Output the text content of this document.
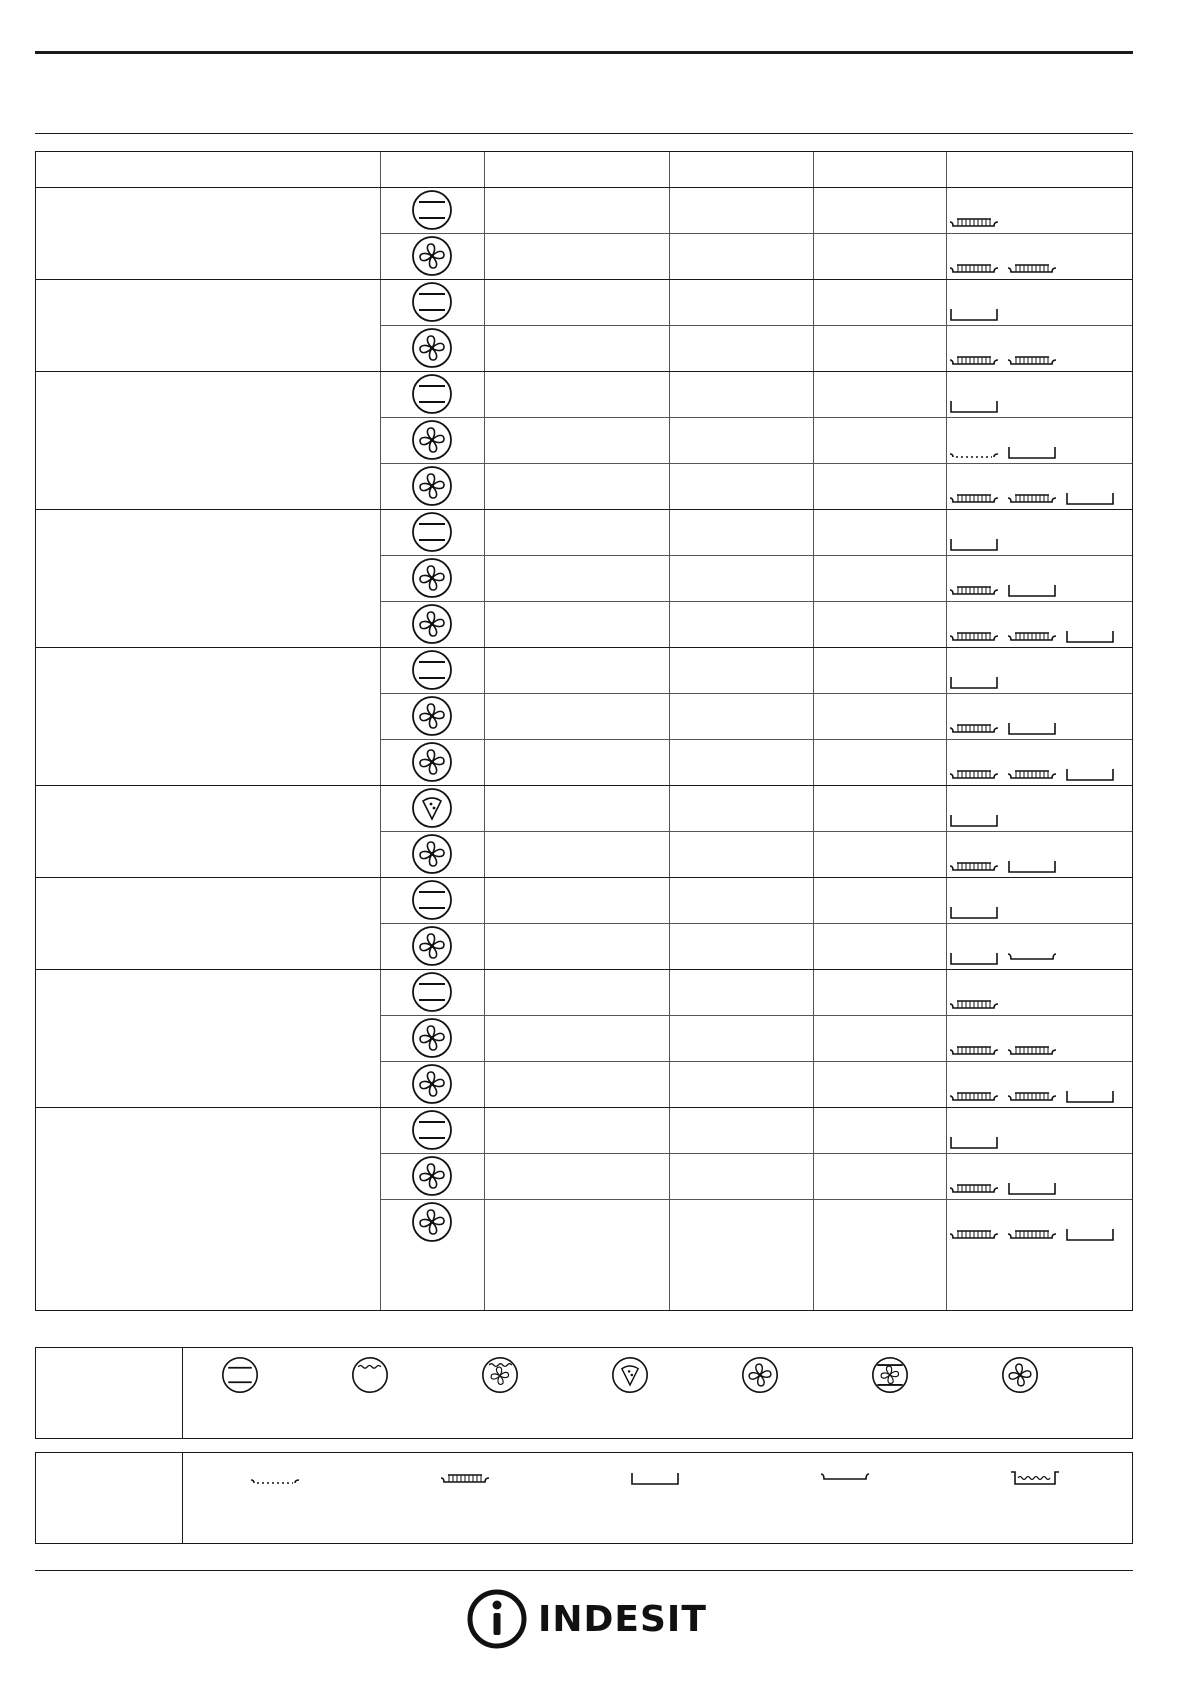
INDESIT
